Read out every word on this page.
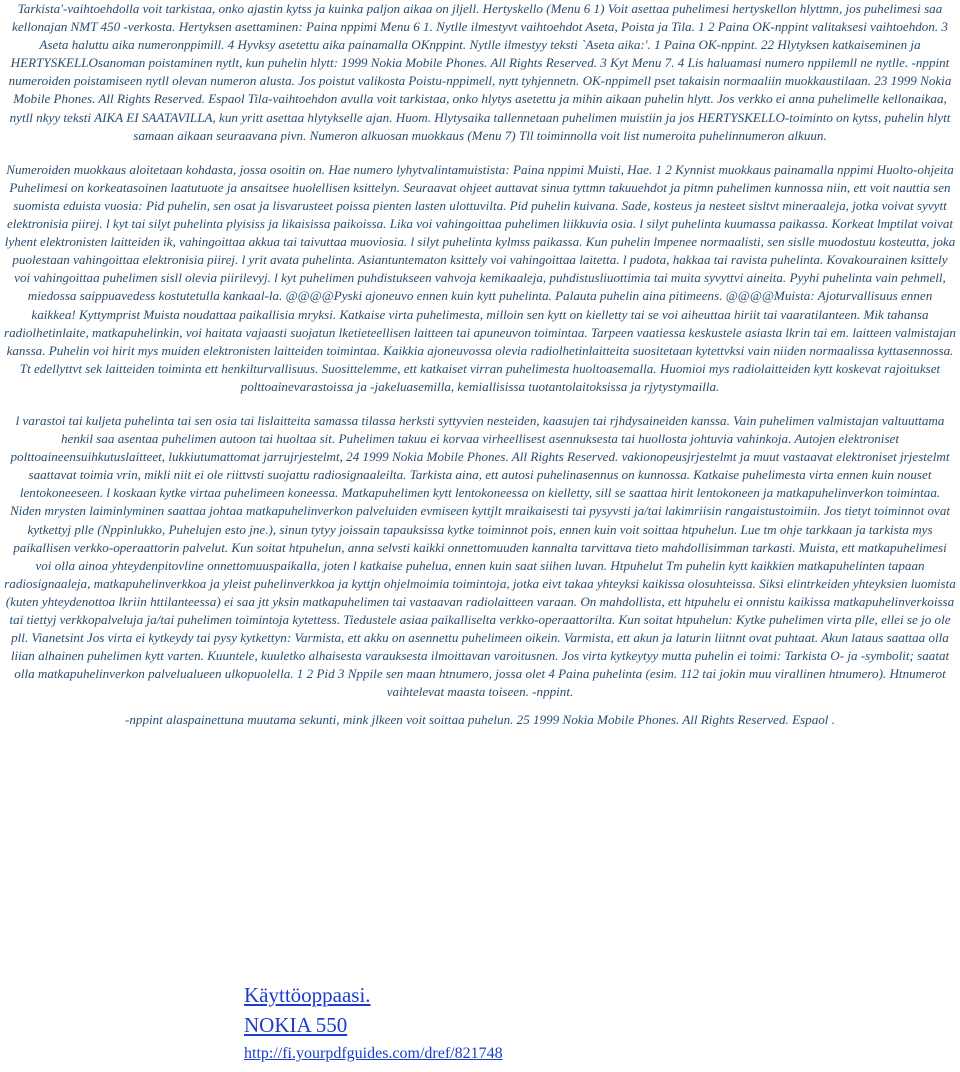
Tarkista'-vaihtoehdolla voit tarkistaa, onko ajastin kytss ja kuinka paljon aikaa on jljell. Hertyskello (Menu 6 1) Voit asettaa puhelimesi hertyskellon hlyttmn, jos puhelimesi saa kellonajan NMT 450 -verkosta. Hertyksen asettaminen: Paina nppimi Menu 6 1. Nytlle ilmestyvt vaihtoehdot Aseta, Poista ja Tila. 1 2 Paina OK-nppint valitaksesi vaihtoehdon. 3 Aseta haluttu aika numeronppimill. 4 Hyvksy asetettu aika painamalla OKnppint. Nytlle ilmestyy teksti `Aseta aika:'. 1 Paina OK-nppint. 22 Hlytyksen katkaiseminen ja HERTYSKELLOsanoman poistaminen nytlt, kun puhelin hlytt: 1999 Nokia Mobile Phones. All Rights Reserved. 3 Kyt Menu 7. 4 Lis haluamasi numero nppilemll ne nytlle. -nppint numeroiden poistamiseen nytll olevan numeron alusta. Jos poistut valikosta Poistu-nppimell, nytt tyhjennetn. OK-nppimell pset takaisin normaaliin muokkaustilaan. 23 1999 Nokia Mobile Phones. All Rights Reserved. Espaol Tila-vaihtoehdon avulla voit tarkistaa, onko hlytys asetettu ja mihin aikaan puhelin hlytt. Jos verkko ei anna puhelimelle kellonaikaa, nytll nkyy teksti AIKA EI SAATAVILLA, kun yritt asettaa hlytykselle ajan. Huom. Hlytysaika tallennetaan puhelimen muistiin ja jos HERTYSKELLO-toiminto on kytss, puhelin hlytt samaan aikaan seuraavana pivn. Numeron alkuosan muokkaus (Menu 7) Tll toiminnolla voit list numeroita puhelinnumeron alkuun.

Numeroiden muokkaus aloitetaan kohdasta, jossa osoitin on. Hae numero lyhytvalintamuistista: Paina nppimi Muisti, Hae. 1 2 Kynnist muokkaus painamalla nppimi Huolto-ohjeita Puhelimesi on korkeatasoinen laatutuote ja ansaitsee huolellisen ksittelyn. Seuraavat ohjeet auttavat sinua tyttmn takuuehdot ja pitmn puhelimen kunnossa niin, ett voit nauttia sen suomista eduista vuosia: Pid puhelin, sen osat ja lisvarusteet poissa pienten lasten ulottuvilta. Pid puhelin kuivana. Sade, kosteus ja nesteet sisltvt mineraaleja, jotka voivat syvytt elektronisia piirej. l kyt tai silyt puhelinta plyisiss ja likaisissa paikoissa. Lika voi vahingoittaa puhelimen liikkuvia osia. l silyt puhelinta kuumassa paikassa. Korkeat lmptilat voivat lyhent elektronisten laitteiden ik, vahingoittaa akkua tai taivuttaa muoviosia. l silyt puhelinta kylmss paikassa. Kun puhelin lmpenee normaalisti, sen sislle muodostuu kosteutta, joka puolestaan vahingoittaa elektronisia piirej. l yrit avata puhelinta. Asiantuntematon ksittely voi vahingoittaa laitetta. l pudota, hakkaa tai ravista puhelinta. Kovakourainen ksittely voi vahingoittaa puhelimen sisll olevia piirilevyj. l kyt puhelimen puhdistukseen vahvoja kemikaaleja, puhdistusliuottimia tai muita syvyttvi aineita. Pyyhi puhelinta vain pehmell, miedossa saippuavedess kostutetulla kankaal-la. @@@@Pyski ajoneuvo ennen kuin kytt puhelinta. Palauta puhelin aina pitimeens. @@@@Muista: Ajoturvallisuus ennen kaikkea! Kyttymprist Muista noudattaa paikallisia mryksi. Katkaise virta puhelimesta, milloin sen kytt on kielletty tai se voi aiheuttaa hiriit tai vaaratilanteen. Mik tahansa radiolhetinlaite, matkapuhelinkin, voi haitata vajaasti suojatun lketieteellisen laitteen tai apuneuvon toimintaa. Tarpeen vaatiessa keskustele asiasta lkrin tai em. laitteen valmistajan kanssa. Puhelin voi hirit mys muiden elektronisten laitteiden toimintaa. Kaikkia ajoneuvossa olevia radiolhetinlaitteita suositetaan kytettvksi vain niiden normaalissa kyttasennossa. Tt edellyttvt sek laitteiden toiminta ett henkilturvallisuus. Suosittelemme, ett katkaiset virran puhelimesta huoltoasemalla. Huomioi mys radiolaitteiden kytt koskevat rajoitukset polttoainevarastoissa ja -jakeluasemilla, kemiallisissa tuotantolaitoksissa ja rjytystymailla.

l varastoi tai kuljeta puhelinta tai sen osia tai lislaitteita samassa tilassa herksti syttyvien nesteiden, kaasujen tai rjhdysaineiden kanssa. Vain puhelimen valmistajan valtuuttama henkil saa asentaa puhelimen autoon tai huoltaa sit. Puhelimen takuu ei korvaa virheellisest asennuksesta tai huollosta johtuvia vahinkoja. Autojen elektroniset polttoaineensuihkutuslaitteet, lukkiutumattomat jarrujrjestelmt, 24 1999 Nokia Mobile Phones. All Rights Reserved. vakionopeusjrjestelmt ja muut vastaavat elektroniset jrjestelmt saattavat toimia vrin, mikli niit ei ole riittvsti suojattu radiosignaaleilta. Tarkista aina, ett autosi puhelinasennus on kunnossa. Katkaise puhelimesta virta ennen kuin nouset lentokoneeseen. l koskaan kytke virtaa puhelimeen koneessa. Matkapuhelimen kytt lentokoneessa on kielletty, sill se saattaa hirit lentokoneen ja matkapuhelinverkon toimintaa. Niden mrysten laiminlyminen saattaa johtaa matkapuhelinverkon palveluiden evmiseen kyttjlt mraikaisesti tai pysyvsti ja/tai lakimriisin rangaistustoimiin. Jos tietyt toiminnot ovat kytkettyj plle (Nppinlukko, Puhelujen esto jne.), sinun tytyy joissain tapauksissa kytke toiminnot pois, ennen kuin voit soittaa htpuhelun. Lue tm ohje tarkkaan ja tarkista mys paikallisen verkko-operaattorin palvelut. Kun soitat htpuhelun, anna selvsti kaikki onnettomuuden kannalta tarvittava tieto mahdollisimman tarkasti. Muista, ett matkapuhelimesi voi olla ainoa yhteydenpitovline onnettomuuspaikalla, joten l katkaise puhelua, ennen kuin saat siihen luvan. Htpuhelut Tm puhelin kytt kaikkien matkapuhelinten tapaan radiosignaaleja, matkapuhelinverkkoa ja yleist puhelinverkkoa ja kyttjn ohjelmoimia toimintoja, jotka eivt takaa yhteyksi kaikissa olosuhteissa. Siksi elintrkeiden yhteyksien luomista (kuten yhteydenottoa lkriin httilanteessa) ei saa jtt yksin matkapuhelimen tai vastaavan radiolaitteen varaan. On mahdollista, ett htpuhelu ei onnistu kaikissa matkapuhelinverkoissa tai tiettyj verkkopalveluja ja/tai puhelimen toimintoja kytettess. Tiedustele asiaa paikalliselta verkko-operaattorilta. Kun soitat htpuhelun: Kytke puhelimen virta plle, ellei se jo ole pll. Vianetsint Jos virta ei kytkeydy tai pysy kytkettyn: Varmista, ett akku on asennettu puhelimeen oikein. Varmista, ett akun ja laturin liitnnt ovat puhtaat. Akun lataus saattaa olla liian alhainen puhelimen kytt varten. Kuuntele, kuuletko alhaisesta varauksesta ilmoittavan varoitusnen. Jos virta kytkeytyy mutta puhelin ei toimi: Tarkista O- ja -symbolit; saatat olla matkapuhelinverkon palvelualueen ulkopuolella. 1 2 Pid 3 Nppile sen maan htnumero, jossa olet 4 Paina puhelinta (esim. 112 tai jokin muu virallinen htnumero). Htnumerot vaihtelevat maasta toiseen. -nppint.

-nppint alaspainettuna muutama sekunti, mink jlkeen voit soittaa puhelun. 25 1999 Nokia Mobile Phones. All Rights Reserved. Espaol .

Käyttöoppaasi.
NOKIA 550
http://fi.yourpdfguides.com/dref/821748
